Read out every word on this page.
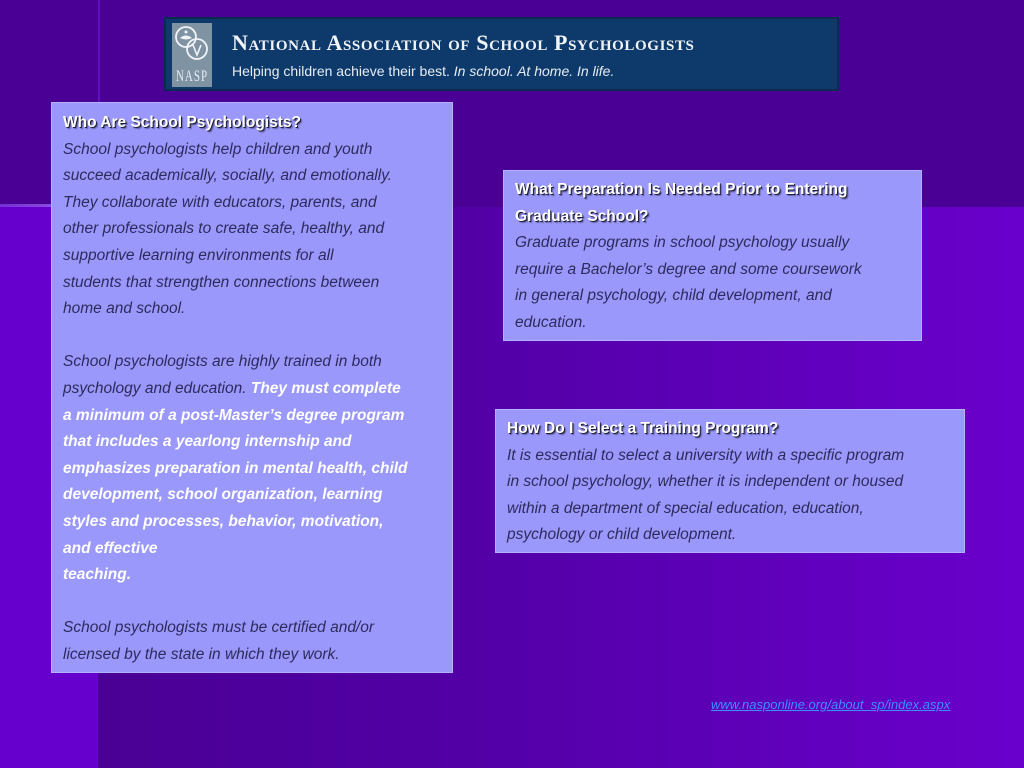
NASP
National Association of School Psychologists
Helping children achieve their best. In school. At home. In life.
Who Are School Psychologists?
School psychologists help children and youth
succeed academically, socially, and emotionally.
They collaborate with educators, parents, and
other professionals to create safe, healthy, and
supportive learning environments for all
students that strengthen connections between
home and school.
School psychologists are highly trained in both
psychology and education. They must complete
a minimum of a post-Master’s degree program
that includes a yearlong internship and
emphasizes preparation in mental health, child
development, school organization, learning
styles and processes, behavior, motivation,
and effective
teaching.
School psychologists must be certified and/or
licensed by the state in which they work.
What Preparation Is Needed Prior to Entering
Graduate School?
Graduate programs in school psychology usually
require a Bachelor’s degree and some coursework
in general psychology, child development, and
education.
How Do I Select a Training Program?
It is essential to select a university with a specific program
in school psychology, whether it is independent or housed
within a department of special education, education,
psychology or child development.
www.nasponline.org/about_sp/index.aspx
